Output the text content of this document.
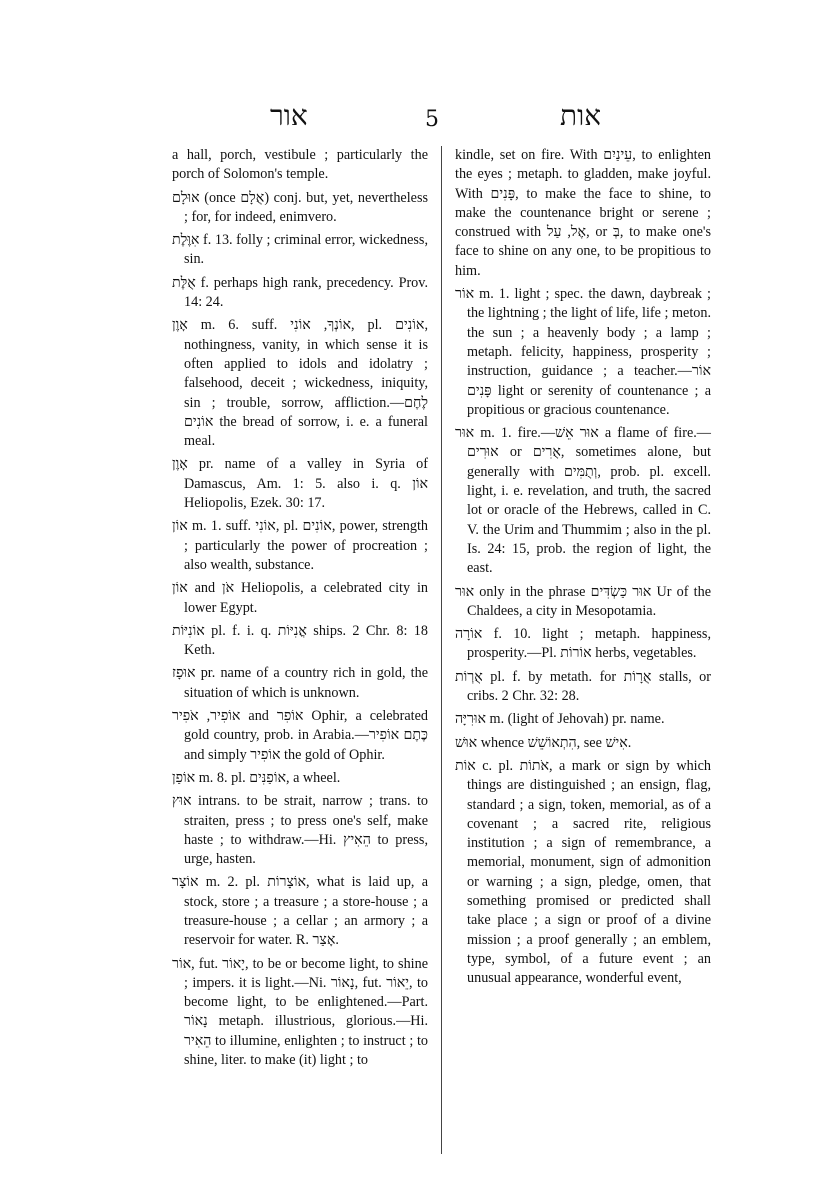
אור	5	אות

a hall, porch, vestibule ; particularly the porch of Solomon's temple.

אוּלָם (once אֻלָם) conj. but, yet, nevertheless ; for, for indeed, enimvero.

אִוֶּלֶת f. 13. folly ; criminal error, wickedness, sin.

אֻלֶּת f. perhaps high rank, precedency. Prov. 14: 24.

אָוֶן m. 6. suff. אוֹנְךָ, אוֹנִי, pl. אוֹנִים, nothingness, vanity, in which sense it is often applied to idols and idolatry ; falsehood, deceit ; wickedness, iniquity, sin ; trouble, sorrow, affliction.—לֶחֶם אוֹנִים the bread of sorrow, i. e. a funeral meal.

אָוֶן pr. name of a valley in Syria of Damascus, Am. 1: 5. also i. q. אוֹן Heliopolis, Ezek. 30: 17.

אוֹן m. 1. suff. אוֹנִי, pl. אוֹנִים, power, strength ; particularly the power of procreation ; also wealth, substance.

אוֹן and אֹן Heliopolis, a celebrated city in lower Egypt.

אוֹנִיּוֹת pl. f. i. q. אֳנִיּוֹת ships. 2 Chr. 8: 18 Keth.

אוּפָז pr. name of a country rich in gold, the situation of which is unknown.

אוֹפִיר, אֹפִיר and אוֹפִר Ophir, a celebrated gold country, prob. in Arabia.—כֶּתֶם אוֹפִיר and simply אוֹפִיר the gold of Ophir.

אוֹפַן m. 8. pl. אוֹפַנִּים, a wheel.

אוּץ intrans. to be strait, narrow ; trans. to straiten, press ; to press one's self, make haste ; to withdraw.—Hi. הֵאִיץ to press, urge, hasten.

אוֹצָר m. 2. pl. אוֹצָרוֹת, what is laid up, a stock, store ; a treasure ; a store-house ; a treasure-house ; a cellar ; an armory ; a reservoir for water. R. אָצַר.

אוֹר, fut. יָאוֹר, to be or become light, to shine ; impers. it is light.—Ni. נָאוֹר, fut. יֵאוֹר, to become light, to be enlightened.—Part. נָאוֹר metaph. illustrious, glorious.—Hi. הֵאִיר to illumine, enlighten ; to instruct ; to shine, liter. to make (it) light ; to

kindle, set on fire. With עֵינַיִם, to enlighten the eyes ; metaph. to gladden, make joyful. With פָּנִים, to make the face to shine, to make the countenance bright or serene ; construed with אֶל, עַל, or בְּ, to make one's face to shine on any one, to be propitious to him.

אוֹר m. 1. light ; spec. the dawn, daybreak ; the lightning ; the light of life, life ; meton. the sun ; a heavenly body ; a lamp ; metaph. felicity, happiness, prosperity ; instruction, guidance ; a teacher.—אוֹר פָּנִים light or serenity of countenance ; a propitious or gracious countenance.

אוּר m. 1. fire.—אוּר אֵשׁ a flame of fire.—אוּרִים or אֻרִים, sometimes alone, but generally with וְתֻמִּים, prob. pl. excell. light, i. e. revelation, and truth, the sacred lot or oracle of the Hebrews, called in C. V. the Urim and Thummim ; also in the pl. Is. 24: 15, prob. the region of light, the east.

אוּר only in the phrase אוּר כַּשְׂדִּים Ur of the Chaldees, a city in Mesopotamia.

אוֹרָה f. 10. light ; metaph. happiness, prosperity.—Pl. אוֹרוֹת herbs, vegetables.

אֻרְוֹת pl. f. by metath. for אֻרָוֹת stalls, or cribs. 2 Chr. 32: 28.

אוּרִיָּה m. (light of Jehovah) pr. name.

אוּשׁ whence הִתְאוֹשֵׁשׁ, see אִישׁ.

אוֹת c. pl. אֹתוֹת, a mark or sign by which things are distinguished ; an ensign, flag, standard ; a sign, token, memorial, as of a covenant ; a sacred rite, religious institution ; a sign of remembrance, a memorial, monument, sign of admonition or warning ; a sign, pledge, omen, that something promised or predicted shall take place ; a sign or proof of a divine mission ; a proof generally ; an emblem, type, symbol, of a future event ; an unusual appearance, wonderful event,
